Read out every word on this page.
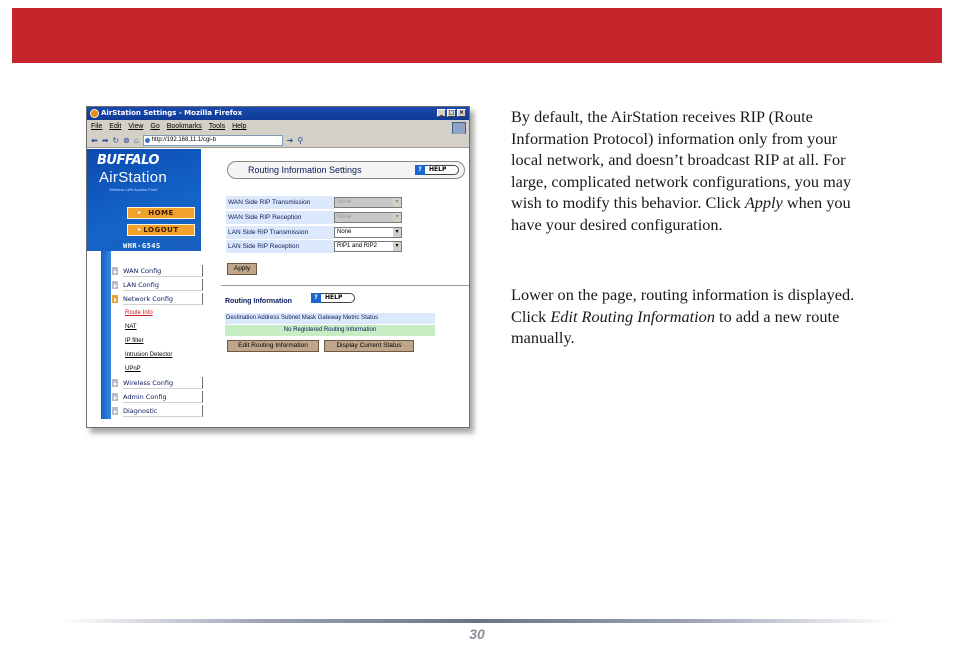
AirStation Settings - Mozilla Firefox	_ □ ×
File Edit View Go Bookmarks Tools Help
⬅ ➡ ↻ ⊗ ⌂	http://192.168.11.1/cgi-b	➔ ⚲
BUFFALO
AirStation
Wireless LAN Access Point
▸ HOME
▸ LOGOUT
WHR-G54S
WAN Config
LAN Config
Network Config
Route Info
NAT
IP filter
Intrusion Detector
UPnP
Wireless Config
Admin Config
Diagnostic
Routing Information Settings	?	HELP
WAN Side RIP Transmission	None ▾
WAN Side RIP Reception	None ▾
LAN Side RIP Transmission	None ▾
LAN Side RIP Reception	RIP1 and RIP2 ▾
Apply
Routing Information
?	HELP
Destination Address Subnet Mask Gateway Metric Status
No Registered Routing Information
Edit Routing Information	Display Current Status

By default, the AirStation receives RIP (Route Information Protocol) information only from your local network, and doesn’t broadcast RIP at all. For large, complicated network configurations, you may wish to modify this behavior. Click Apply when you have your desired configuration.

Lower on the page, routing information is displayed. Click Edit Routing Information to add a new route manually.

30
